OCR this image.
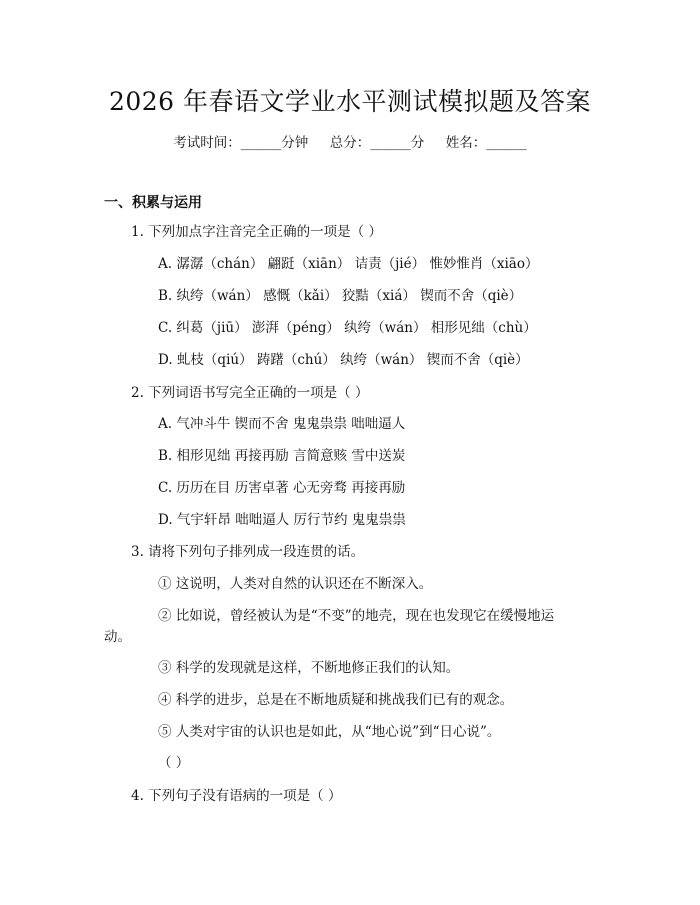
2026 年春语文学业水平测试模拟题及答案
考试时间：______分钟     总分：______分     姓名：______
一、积累与运用
1. 下列加点字注音完全正确的一项是（ ）
A. 潺潺（chán） 翩跹（xiān） 诘责（jié） 惟妙惟肖（xiāo）
B. 纨绔（wán） 感慨（kǎi） 狡黠（xiá） 锲而不舍（qiè）
C. 纠葛（jiū） 澎湃（péng） 纨绔（wán） 相形见绌（chù）
D. 虬枝（qiú） 踌躇（chú） 纨绔（wán） 锲而不舍（qiè）
2. 下列词语书写完全正确的一项是（ ）
A. 气冲斗牛 锲而不舍 鬼鬼祟祟 咄咄逼人
B. 相形见绌 再接再励 言简意赅 雪中送炭
C. 历历在目 历害卓著 心无旁骛 再接再励
D. 气宇轩昂 咄咄逼人 厉行节约 鬼鬼祟祟
3. 请将下列句子排列成一段连贯的话。
① 这说明，人类对自然的认识还在不断深入。
② 比如说，曾经被认为是“不变”的地壳，现在也发现它在缓慢地运
动。
③ 科学的发现就是这样，不断地修正我们的认知。
④ 科学的进步，总是在不断地质疑和挑战我们已有的观念。
⑤ 人类对宇宙的认识也是如此，从“地心说”到“日心说”。
（ ）
4. 下列句子没有语病的一项是（ ）
